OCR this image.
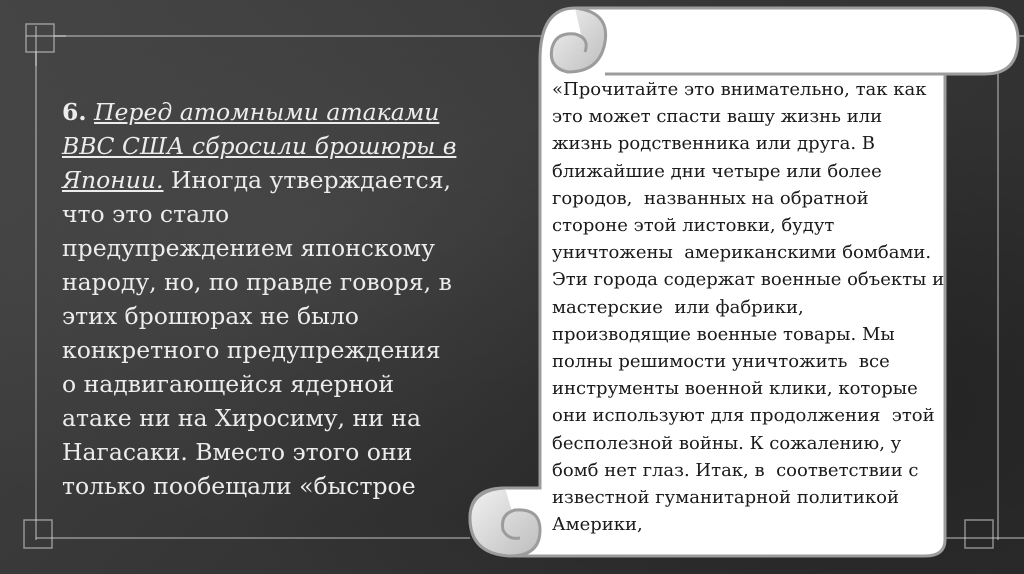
6. Перед атомными атаками ВВС США сбросили брошюры в Японии. Иногда утверждается, что это стало предупреждением японскому народу, но, по правде говоря, в этих брошюрах не было конкретного предупреждения о надвигающейся ядерной атаке ни на Хиросиму, ни на Нагасаки. Вместо этого они только пообещали «быстрое
«Прочитайте это внимательно, так как это может спасти вашу жизнь или  жизнь родственника или друга. В ближайшие дни четыре или более городов,  названных на обратной стороне этой листовки, будут уничтожены  американскими бомбами. Эти города содержат военные объекты и мастерские  или фабрики, производящие военные товары. Мы полны решимости уничтожить  все инструменты военной клики, которые они используют для продолжения  этой бесполезной войны. К сожалению, у бомб нет глаз. Итак, в  соответствии с известной гуманитарной политикой Америки,
